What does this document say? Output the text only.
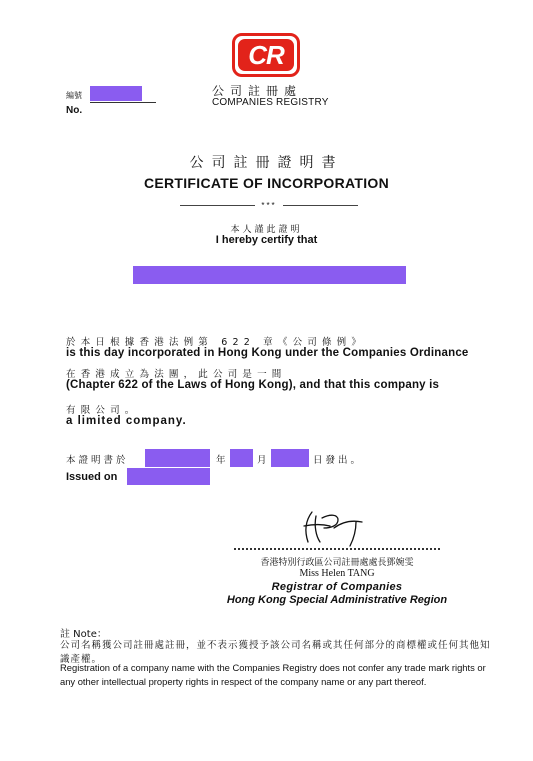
CR
公司註冊處
COMPANIES REGISTRY
編號
No.
公司註冊證明書
CERTIFICATE OF INCORPORATION
***
本人謹此證明
I hereby certify that
於本日根據香港法例第 622 章《公司條例》
is this day incorporated in Hong Kong under the Companies Ordinance
在香港成立為法團，此公司是一間
(Chapter 622 of the Laws of Hong Kong), and that this company is
有限公司。
a limited company.
本證明書於	年	月	日發出。
Issued on
香港特別行政區公司註冊處處長鄧婉雯
Miss Helen TANG
Registrar of Companies
Hong Kong Special Administrative Region
註 Note：
公司名稱獲公司註冊處註冊，並不表示獲授予該公司名稱或其任何部分的商標權或任何其他知識產權。
Registration of a company name with the Companies Registry does not confer any trade mark rights or any other intellectual property rights in respect of the company name or any part thereof.
